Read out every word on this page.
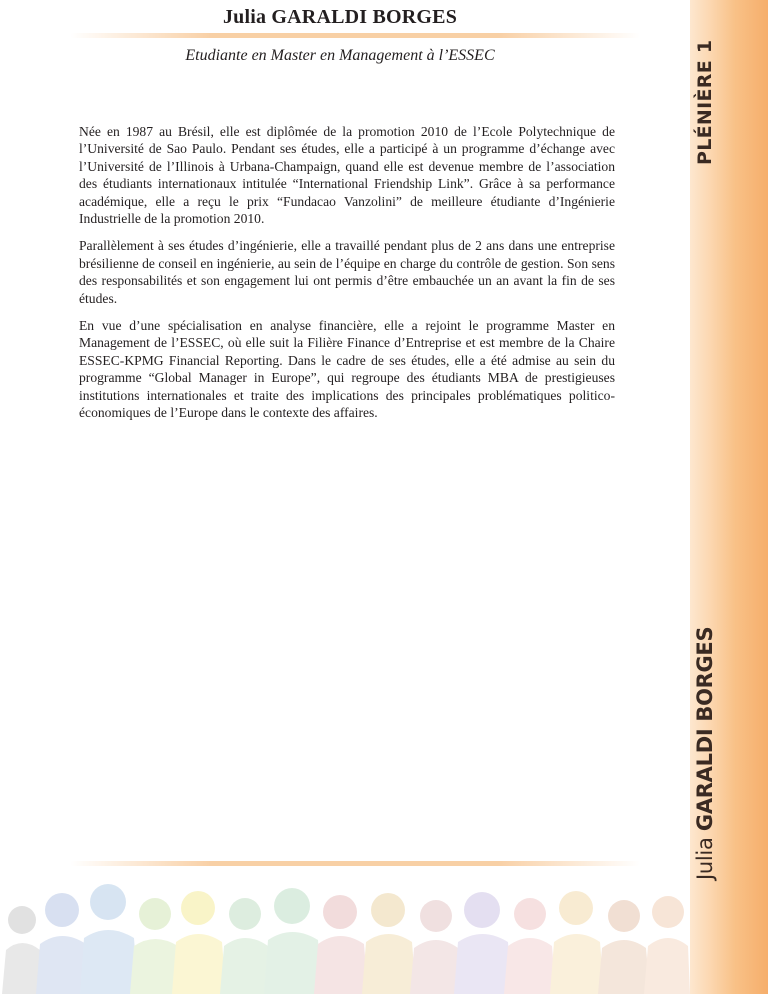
Julia GARALDI BORGES
Etudiante en Master en Management à l’ESSEC

Née en 1987 au Brésil, elle est diplômée de la promotion 2010 de l’Ecole Polytechnique de l’Université de Sao Paulo. Pendant ses études, elle a participé à un programme d’échange avec l’Université de l’Illinois à Urbana-Champaign, quand elle est devenue membre de l’association des étudiants internationaux intitulée “International Friendship Link”. Grâce à sa performance académique, elle a reçu le prix “Fundacao Vanzolini” de meilleure étudiante d’Ingénierie Industrielle de la promotion 2010.

Parallèlement à ses études d’ingénierie, elle a travaillé pendant plus de 2 ans dans une entreprise brésilienne de conseil en ingénierie, au sein de l’équipe en charge du contrôle de gestion. Son sens des responsabilités et son engagement lui ont permis d’être embauchée un an avant la fin de ses études.

En vue d’une spécialisation en analyse financière, elle a rejoint le programme Master en Management de l’ESSEC, où elle suit la Filière Finance d’Entreprise et est membre de la Chaire ESSEC-KPMG Financial Reporting. Dans le cadre de ses études, elle a été admise au sein du programme “Global Manager in Europe”, qui regroupe des étudiants MBA de prestigieuses institutions internationales et traite des implications des principales problématiques politico-économiques de l’Europe dans le contexte des affaires.

PLÉNIÈRE 1
Julia GARALDI BORGES
